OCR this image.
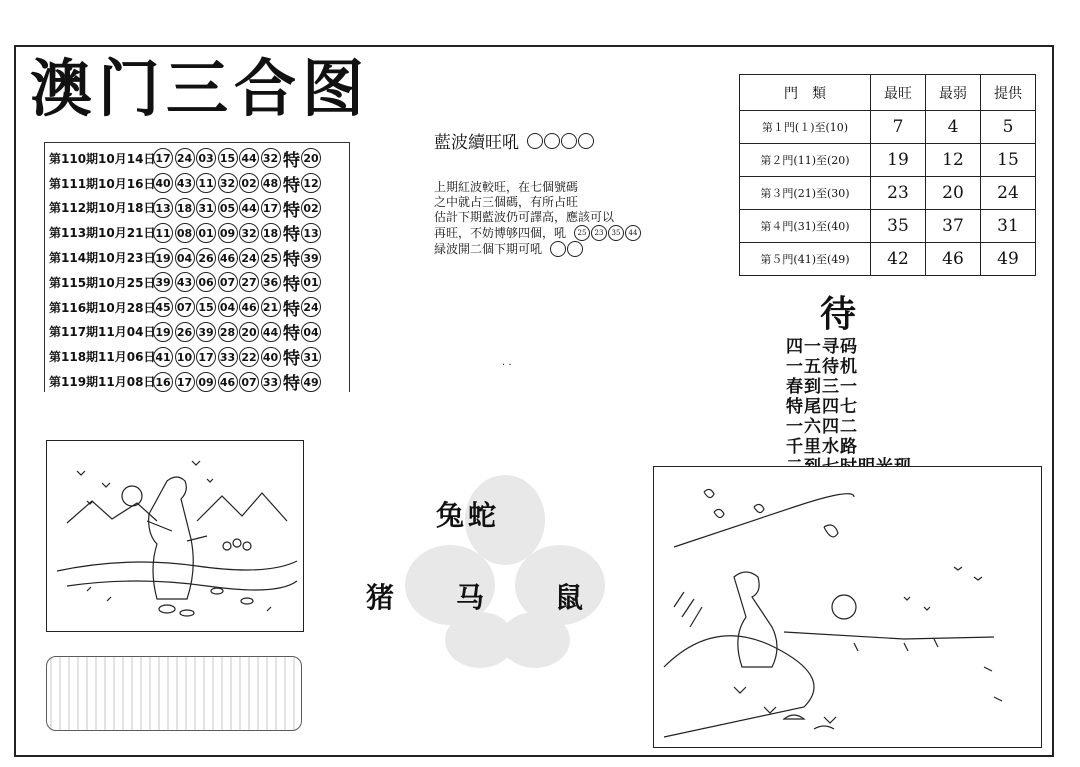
澳门三合图
第110期10月14日 17 24 03 15 44 32 特 20
第111期10月16日 40 43 11 32 02 48 特 12
第112期10月18日 13 18 31 05 44 17 特 02
第113期10月21日 11 08 01 09 32 18 特 13
第114期10月23日 19 04 26 46 24 25 特 39
第115期10月25日 39 43 06 07 27 36 特 01
第116期10月28日 45 07 15 04 46 21 特 24
第117期11月04日 19 26 39 28 20 44 特 04
第118期11月06日 41 10 17 33 22 40 特 31
第119期11月08日 16 17 09 46 07 33 特 49
藍波續旺吼
上期紅波較旺，在七個號碼
之中就占三個碼，有所占旺
估計下期藍波仍可譯高，應該可以
再旺，不妨博够四個，吼	25	23	35	44
緑波開二個下期可吼
門　類	最旺	最弱	提供
第１門(１)至(10)	7	4	5
第２門(11)至(20)	19	12	15
第３門(21)至(30)	23	20	24
第４門(31)至(40)	35	37	31
第５門(41)至(49)	42	46	49
. .
待
四一寻码
一五待机
春到三一
特尾四七
一六四二
千里水路
兔蛇
猪 马 鼠
